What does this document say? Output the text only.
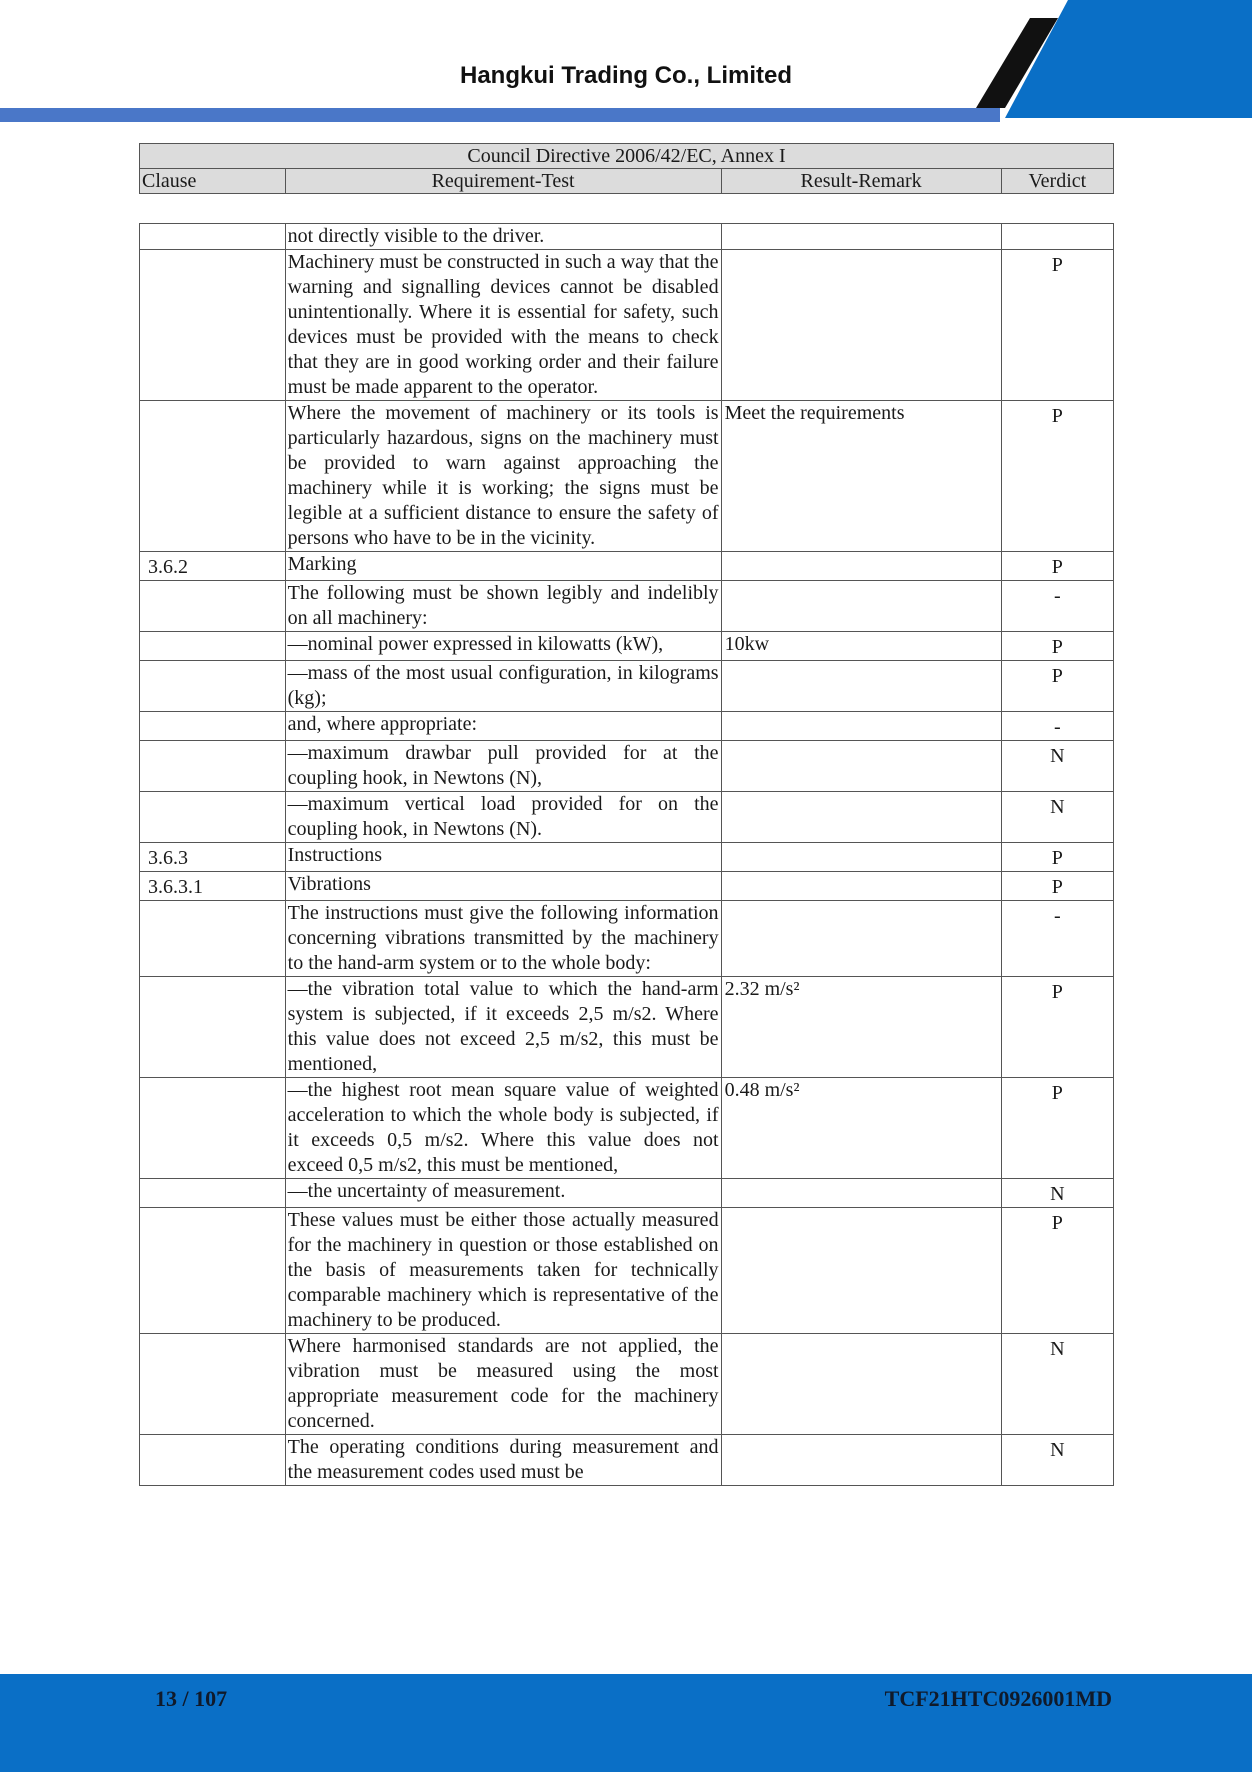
Hangkui Trading Co., Limited
Council Directive 2006/42/EC, Annex I
Clause	Requirement-Test	Result-Remark	Verdict
	not directly visible to the driver.		
	Machinery must be constructed in such a way that the warning and signalling devices cannot be disabled unintentionally. Where it is essential for safety, such devices must be provided with the means to check that they are in good working order and their failure must be made apparent to the operator.		P
	Where the movement of machinery or its tools is particularly hazardous, signs on the machinery must be provided to warn against approaching the machinery while it is working; the signs must be legible at a sufficient distance to ensure the safety of persons who have to be in the vicinity.	Meet the requirements	P
3.6.2	Marking		P
	The following must be shown legibly and indelibly on all machinery:		-
	—nominal power expressed in kilowatts (kW),	10kw	P
	—mass of the most usual configuration, in kilograms (kg);		P
	and, where appropriate:		-
	—maximum drawbar pull provided for at the coupling hook, in Newtons (N),		N
	—maximum vertical load provided for on the coupling hook, in Newtons (N).		N
3.6.3	Instructions		P
3.6.3.1	Vibrations		P
	The instructions must give the following information concerning vibrations transmitted by the machinery to the hand-arm system or to the whole body:		-
	—the vibration total value to which the hand-arm system is subjected, if it exceeds 2,5 m/s2. Where this value does not exceed 2,5 m/s2, this must be mentioned,	2.32 m/s²	P
	—the highest root mean square value of weighted acceleration to which the whole body is subjected, if it exceeds 0,5 m/s2. Where this value does not exceed 0,5 m/s2, this must be mentioned,	0.48 m/s²	P
	—the uncertainty of measurement.		N
	These values must be either those actually measured for the machinery in question or those established on the basis of measurements taken for technically comparable machinery which is representative of the machinery to be produced.		P
	Where harmonised standards are not applied, the vibration must be measured using the most appropriate measurement code for the machinery concerned.		N
	The operating conditions during measurement and the measurement codes used must be		N
13 / 107	TCF21HTC0926001MD
